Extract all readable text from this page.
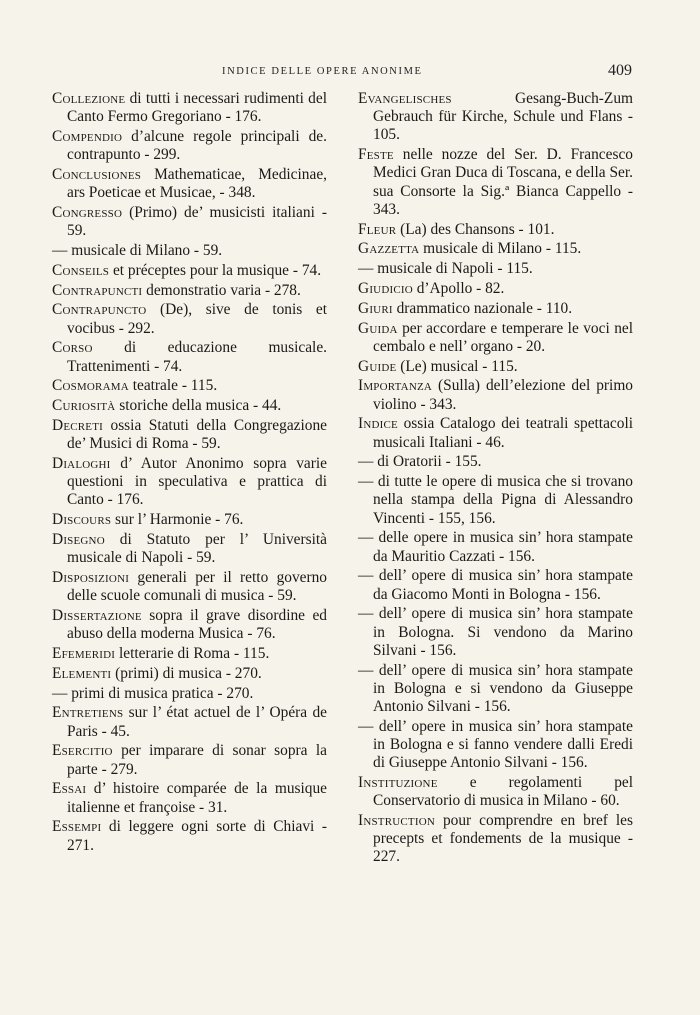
INDICE DELLE OPERE ANONIME	409

Collezione di tutti i necessari rudimenti del Canto Fermo Gregoriano - 176.

Compendio d’alcune regole principali de. contrapunto - 299.

Conclusiones Mathematicae, Medicinae, ars Poeticae et Musicae, - 348.

Congresso (Primo) de’ musicisti italiani - 59.

— musicale di Milano - 59.

Conseils et préceptes pour la musique - 74.

Contrapuncti demonstratio varia - 278.

Contrapuncto (De), sive de tonis et vocibus - 292.

Corso di educazione musicale. Trattenimenti - 74.

Cosmorama teatrale - 115.

Curiosità storiche della musica - 44.

Decreti ossia Statuti della Congregazione de’ Musici di Roma - 59.

Dialoghi d’ Autor Anonimo sopra varie questioni in speculativa e prattica di Canto - 176.

Discours sur l’ Harmonie - 76.

Disegno di Statuto per l’ Università musicale di Napoli - 59.

Disposizioni generali per il retto governo delle scuole comunali di musica - 59.

Dissertazione sopra il grave disordine ed abuso della moderna Musica - 76.

Efemeridi letterarie di Roma - 115.

Elementi (primi) di musica - 270.

— primi di musica pratica - 270.

Entretiens sur l’ état actuel de l’ Opéra de Paris - 45.

Esercitio per imparare di sonar sopra la parte - 279.

Essai d’ histoire comparée de la musique italienne et françoise - 31.

Essempi di leggere ogni sorte di Chiavi - 271.

Evangelisches Gesang-Buch-Zum Gebrauch für Kirche, Schule und Flans - 105.

Feste nelle nozze del Ser. D. Francesco Medici Gran Duca di Toscana, e della Ser. sua Consorte la Sig.ª Bianca Cappello - 343.

Fleur (La) des Chansons - 101.

Gazzetta musicale di Milano - 115.

— musicale di Napoli - 115.

Giudicio d’Apollo - 82.

Giuri drammatico nazionale - 110.

Guida per accordare e temperare le voci nel cembalo e nell’ organo - 20.

Guide (Le) musical - 115.

Importanza (Sulla) dell’elezione del primo violino - 343.

Indice ossia Catalogo dei teatrali spettacoli musicali Italiani - 46.

— di Oratorii - 155.

— di tutte le opere di musica che si trovano nella stampa della Pigna di Alessandro Vincenti - 155, 156.

— delle opere in musica sin’ hora stampate da Mauritio Cazzati - 156.

— dell’ opere di musica sin’ hora stampate da Giacomo Monti in Bologna - 156.

— dell’ opere di musica sin’ hora stampate in Bologna. Si vendono da Marino Silvani - 156.

— dell’ opere di musica sin’ hora stampate in Bologna e si vendono da Giuseppe Antonio Silvani - 156.

— dell’ opere in musica sin’ hora stampate in Bologna e si fanno vendere dalli Eredi di Giuseppe Antonio Silvani - 156.

Instituzione e regolamenti pel Conservatorio di musica in Milano - 60.

Instruction pour comprendre en bref les precepts et fondements de la musique - 227.
